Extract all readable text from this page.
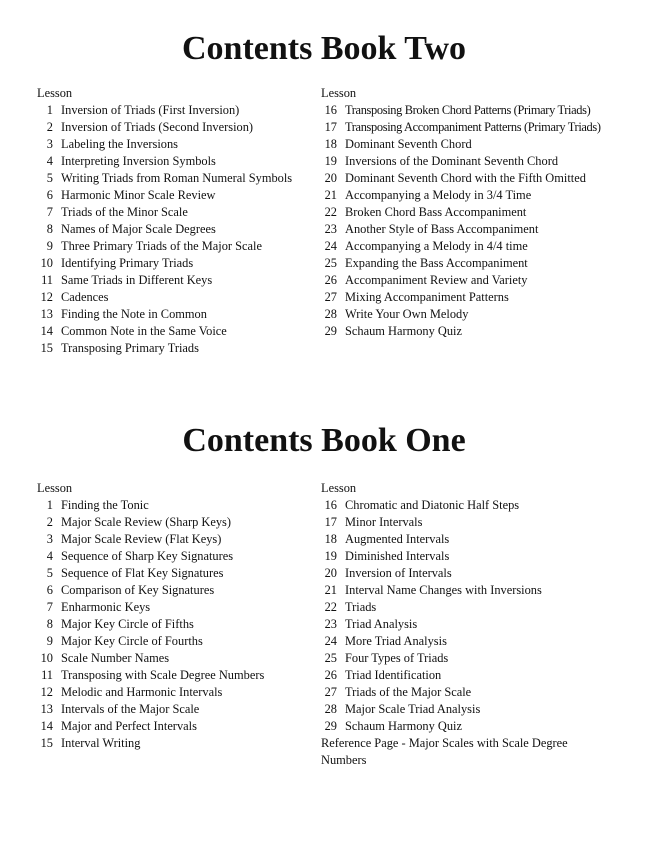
Contents Book Two
Lesson
1 Inversion of Triads (First Inversion)
2 Inversion of Triads (Second Inversion)
3 Labeling the Inversions
4 Interpreting Inversion Symbols
5 Writing Triads from Roman Numeral Symbols
6 Harmonic Minor Scale Review
7 Triads of the Minor Scale
8 Names of Major Scale Degrees
9 Three Primary Triads of the Major Scale
10 Identifying Primary Triads
11 Same Triads in Different Keys
12 Cadences
13 Finding the Note in Common
14 Common Note in the Same Voice
15 Transposing Primary Triads
Lesson
16 Transposing Broken Chord Patterns (Primary Triads)
17 Transposing Accompaniment Patterns (Primary Triads)
18 Dominant Seventh Chord
19 Inversions of the Dominant Seventh Chord
20 Dominant Seventh Chord with the Fifth Omitted
21 Accompanying a Melody in 3/4 Time
22 Broken Chord Bass Accompaniment
23 Another Style of Bass Accompaniment
24 Accompanying a Melody in 4/4 time
25 Expanding the Bass Accompaniment
26 Accompaniment Review and Variety
27 Mixing Accompaniment Patterns
28 Write Your Own Melody
29 Schaum Harmony Quiz
Contents Book One
Lesson
1 Finding the Tonic
2 Major Scale Review (Sharp Keys)
3 Major Scale Review (Flat Keys)
4 Sequence of Sharp Key Signatures
5 Sequence of Flat Key Signatures
6 Comparison of Key Signatures
7 Enharmonic Keys
8 Major Key Circle of Fifths
9 Major Key Circle of Fourths
10 Scale Number Names
11 Transposing with Scale Degree Numbers
12 Melodic and Harmonic Intervals
13 Intervals of the Major Scale
14 Major and Perfect Intervals
15 Interval Writing
Lesson
16 Chromatic and Diatonic Half Steps
17 Minor Intervals
18 Augmented Intervals
19 Diminished Intervals
20 Inversion of Intervals
21 Interval Name Changes with Inversions
22 Triads
23 Triad Analysis
24 More Triad Analysis
25 Four Types of Triads
26 Triad Identification
27 Triads of the Major Scale
28 Major Scale Triad Analysis
29 Schaum Harmony Quiz
Reference Page - Major Scales with Scale Degree Numbers
